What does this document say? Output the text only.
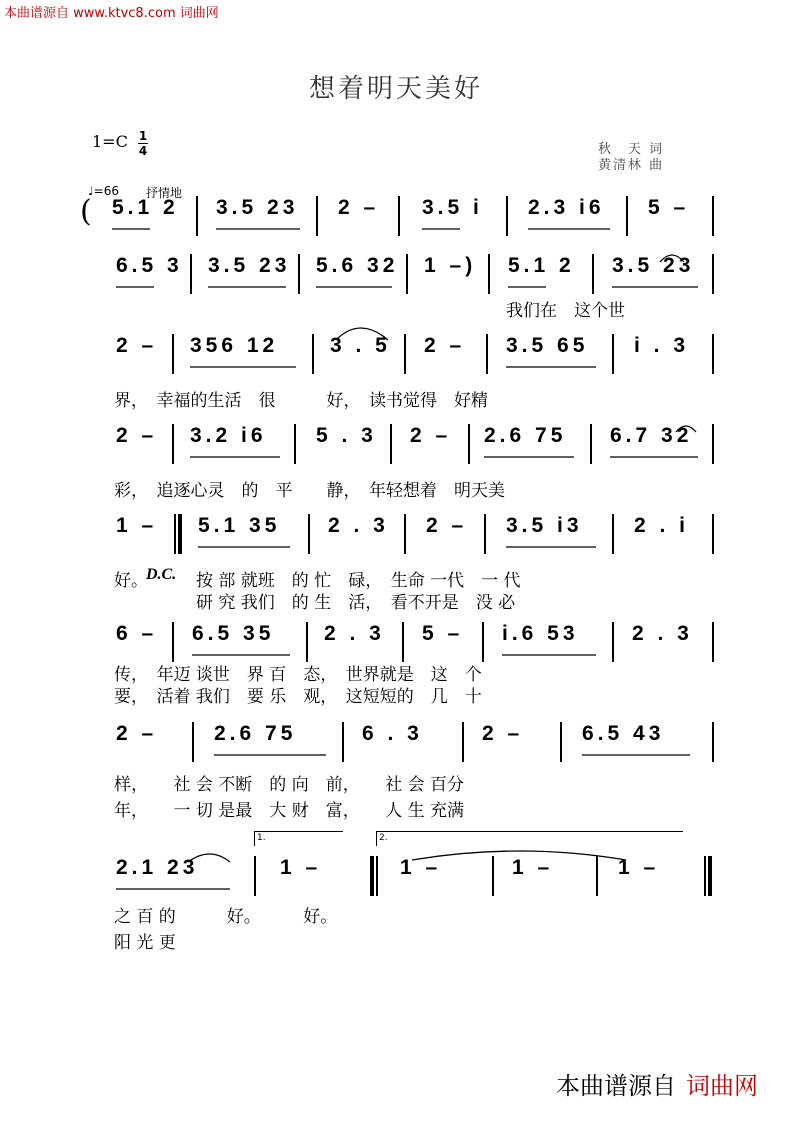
本曲谱源自 www.ktvc8.com 词曲网
想着明天美好
1=C 1
4	秋　天 词
黄清林 曲
♩=66 抒情地
( 5.1 2 3.5 23 2 – 3.5 i 2.3 i6 5 –
6.5 3 3.5 23 5.6 32 1 –) 5.1 2 3.5 23
我们在　这个世
2 – 356 12 3 . 5 2 – 3.5 65 i . 3
界，　幸福的生活　很　　　好，　读书觉得　好精
2 – 3.2 i6 5 . 3 2 – 2.6 75 6.7 32
彩，　追逐心灵　的　平　　静，　年轻想着　明天美
1 – 5.1 35 2 . 3 2 – 3.5 i3 2 . i
好。
D.C. 按 部 就班　的 忙　碌，　生命 一代　一 代
研 究 我们　的 生　活，　看不开是　没 必
6 – 6.5 35 2 . 3 5 – i.6 53	2 . 3
传，　年迈 谈世　界 百　态，　世界就是　这　个
要，　活着 我们　要 乐　观，　这短短的　几　十
2 –	2.6 75	6 . 3	2 –	6.5 43
样，　　社 会 不断　的 向　前，　　社 会 百分
年，　　一 切 是最　大 财　富，　　人 生 充满
1.	2.
2.1 23	1 –	1 –	1 –	1 –
之 百 的　　　好。　　　好。
阳 光 更
本曲谱源自 词曲网
